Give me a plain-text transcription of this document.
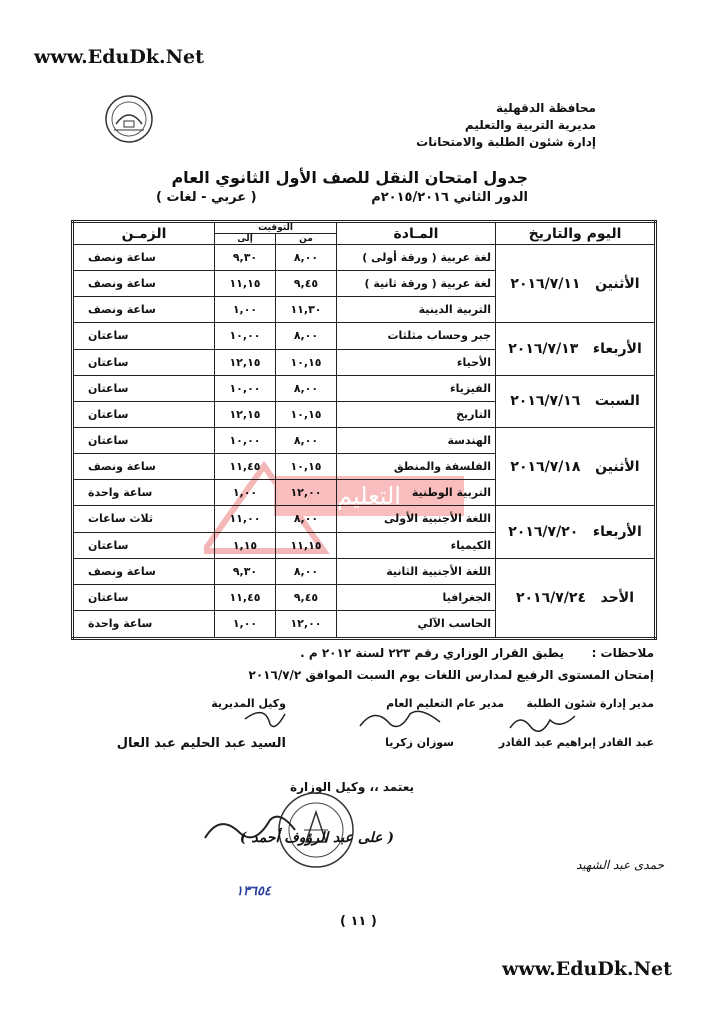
www.EduDk.Net
محافظة الدقهلية
مديرية التربية والتعليم
إدارة شئون الطلبة والامتحانات
جدول امتحان النقل للصف الأول الثانوي العام
الدور الثاني ٢٠١٥/٢٠١٦م
( عربي - لغات )
التعليم
اليوم والتاريخ	المـادة	التوقيت		الزمـن
		من	إلى	
الأثنين   ٢٠١٦/٧/١١	لغة عربية ( ورقة أولى )	٨,٠٠	٩,٣٠	ساعة ونصف
	لغة عربية ( ورقة ثانية )	٩,٤٥	١١,١٥	ساعة ونصف
	التربية الدينية	١١,٣٠	١,٠٠	ساعة ونصف
الأربعاء   ٢٠١٦/٧/١٣	جبر وحساب مثلثات	٨,٠٠	١٠,٠٠	ساعتان
	الأحياء	١٠,١٥	١٢,١٥	ساعتان
السبت   ٢٠١٦/٧/١٦	الفيزياء	٨,٠٠	١٠,٠٠	ساعتان
	التاريخ	١٠,١٥	١٢,١٥	ساعتان
الأثنين   ٢٠١٦/٧/١٨	الهندسة	٨,٠٠	١٠,٠٠	ساعتان
	الفلسفة والمنطق	١٠,١٥	١١,٤٥	ساعة ونصف
	التربية الوطنية	١٢,٠٠	١,٠٠	ساعة واحدة
الأربعاء   ٢٠١٦/٧/٢٠	اللغة الأجنبية الأولى	٨,٠٠	١١,٠٠	ثلاث ساعات
	الكيمياء	١١,١٥	١,١٥	ساعتان
الأحد   ٢٠١٦/٧/٢٤	اللغة الأجنبية الثانية	٨,٠٠	٩,٣٠	ساعة ونصف
	الجغرافيا	٩,٤٥	١١,٤٥	ساعتان
	الحاسب الآلي	١٢,٠٠	١,٠٠	ساعة واحدة
ملاحظات :
يطبق القرار الوزاري رقم ٢٢٣ لسنة ٢٠١٢ م .
إمتحان المستوى الرفيع لمدارس اللغات يوم السبت الموافق ٢٠١٦/٧/٢
مدير إدارة شئون الطلبة
مدير عام التعليم العام
وكيل المديرية
عبد القادر إبراهيم عبد القادر
سوزان زكريا
السيد عبد الحليم عبد العال
يعتمد ،، وكيل الوزارة
( على عبد الرؤوف أحمد )
حمدى عبد الشهيد
١٣٦٥٤
( ١١ )
www.EduDk.Net
